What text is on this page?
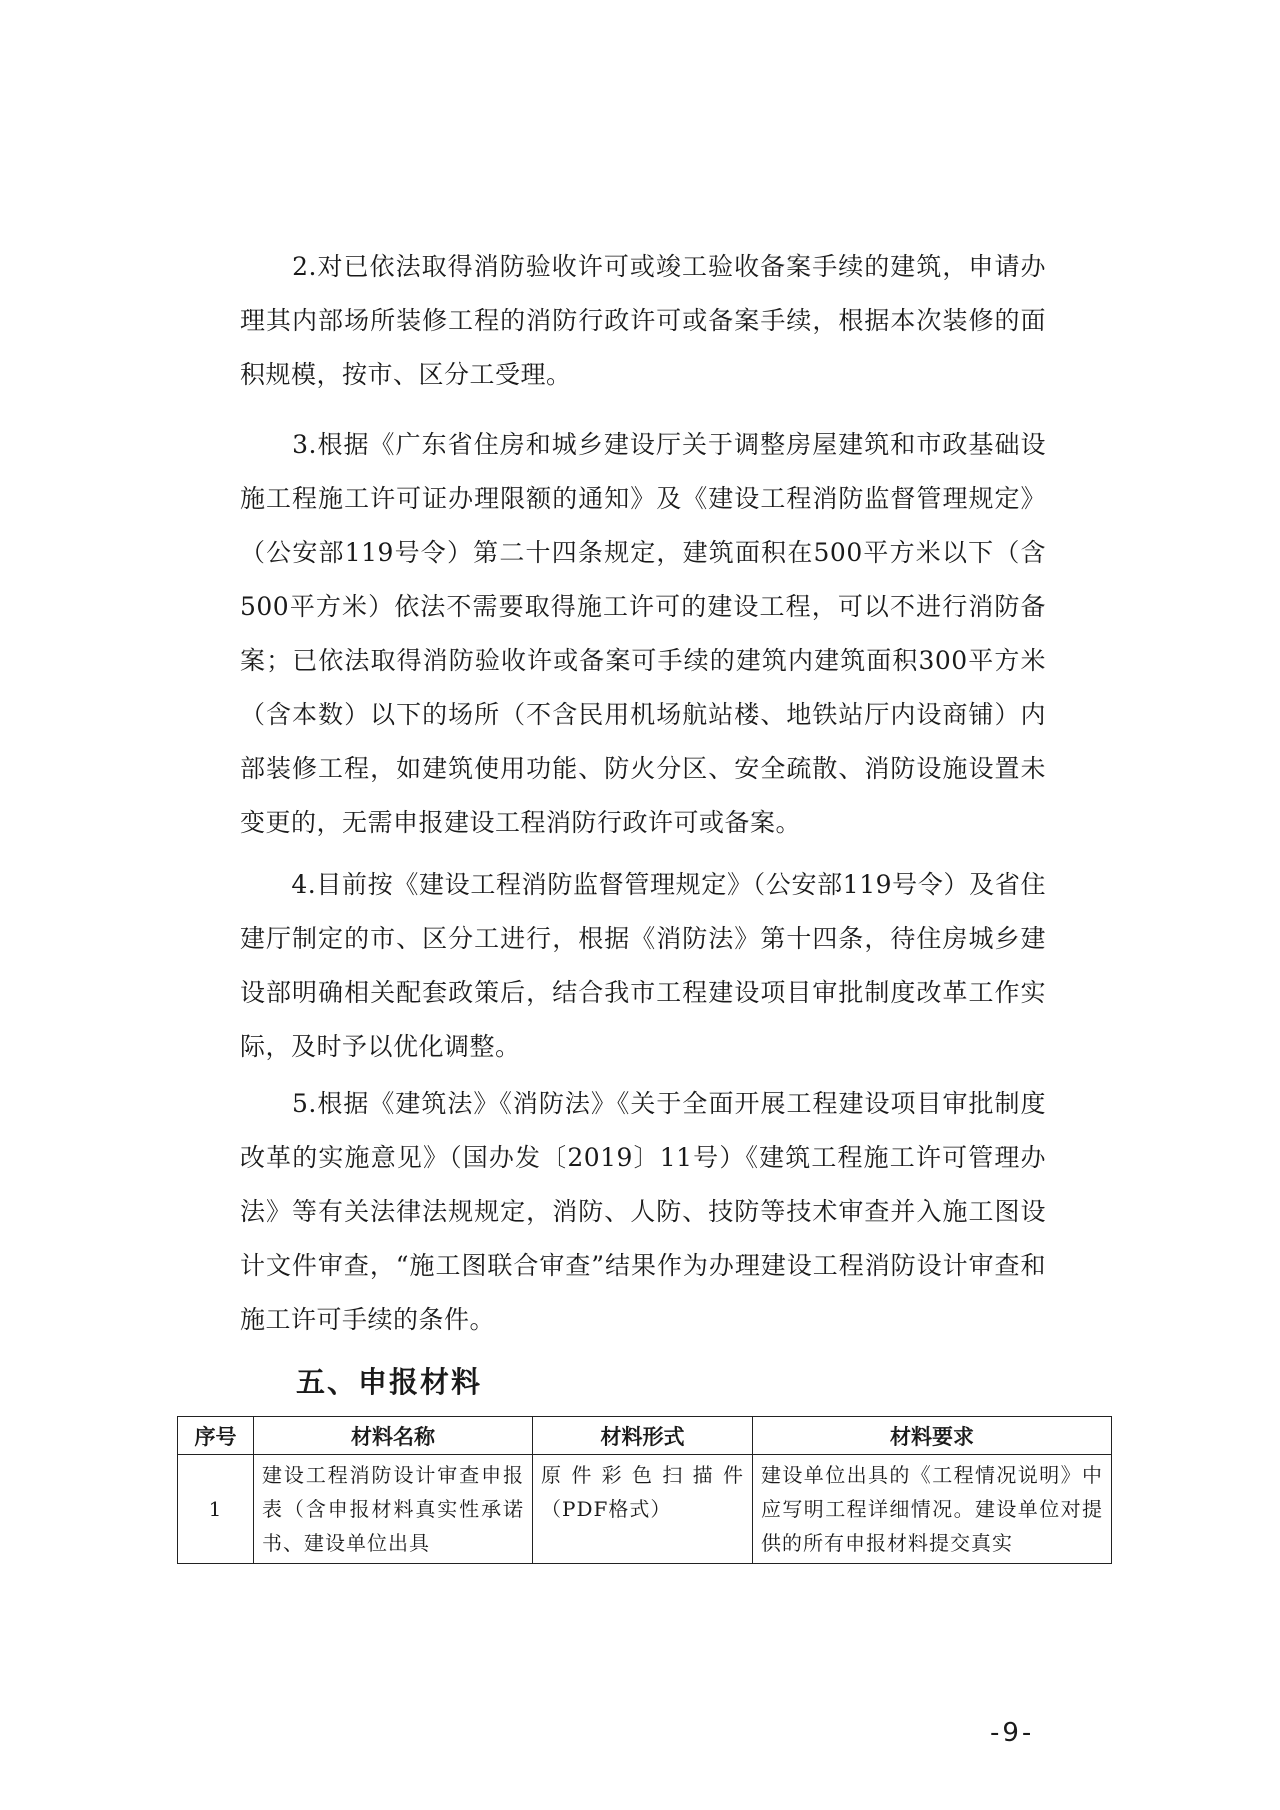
　　2.对已依法取得消防验收许可或竣工验收备案手续的建筑，申请办理其内部场所装修工程的消防行政许可或备案手续，根据本次装修的面积规模，按市、区分工受理。

　　3.根据《广东省住房和城乡建设厅关于调整房屋建筑和市政基础设施工程施工许可证办理限额的通知》及《建设工程消防监督管理规定》（公安部119号令）第二十四条规定，建筑面积在500平方米以下（含500平方米）依法不需要取得施工许可的建设工程，可以不进行消防备案；已依法取得消防验收许或备案可手续的建筑内建筑面积300平方米（含本数）以下的场所（不含民用机场航站楼、地铁站厅内设商铺）内部装修工程，如建筑使用功能、防火分区、安全疏散、消防设施设置未变更的，无需申报建设工程消防行政许可或备案。

　　4.目前按《建设工程消防监督管理规定》（公安部119号令）及省住建厅制定的市、区分工进行，根据《消防法》第十四条，待住房城乡建设部明确相关配套政策后，结合我市工程建设项目审批制度改革工作实际，及时予以优化调整。

　　5.根据《建筑法》《消防法》《关于全面开展工程建设项目审批制度改革的实施意见》（国办发〔2019〕11号）《建筑工程施工许可管理办法》等有关法律法规规定，消防、人防、技防等技术审查并入施工图设计文件审查，“施工图联合审查”结果作为办理建设工程消防设计审查和施工许可手续的条件。

五、申报材料
序号	材料名称	材料形式	材料要求
1	建设工程消防设计审查申报表（含申报材料真实性承诺书、建设单位出具	原件彩色扫描件（PDF格式）	建设单位出具的《工程情况说明》中应写明工程详细情况。建设单位对提供的所有申报材料提交真实
-9-
